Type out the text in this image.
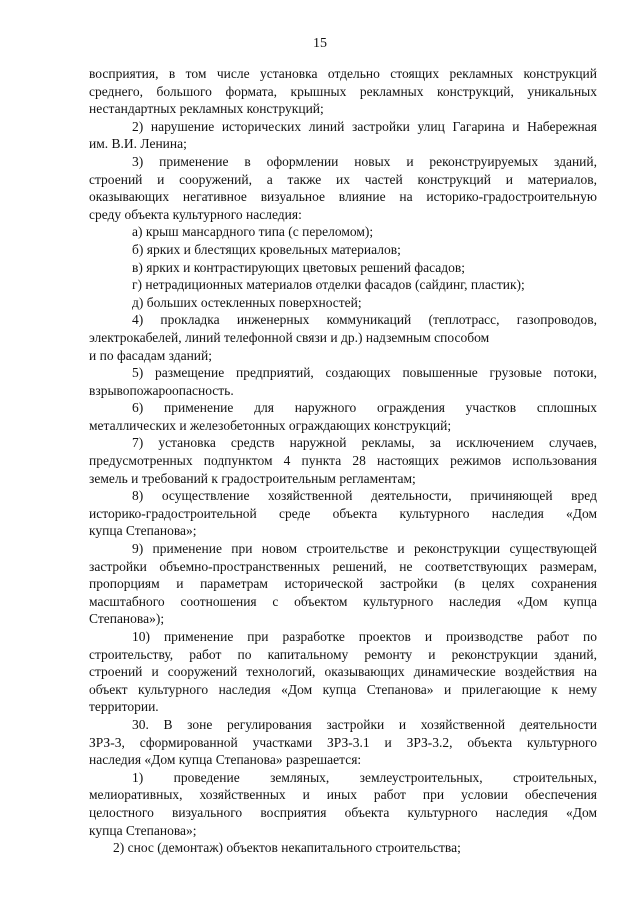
15
восприятия, в том числе установка отдельно стоящих рекламных конструкций
среднего, большого формата, крышных рекламных конструкций, уникальных
нестандартных рекламных конструкций;
2) нарушение исторических линий застройки улиц Гагарина и Набережная
им. В.И. Ленина;
3) применение в оформлении новых и реконструируемых зданий,
строений и сооружений, а также их частей конструкций и материалов,
оказывающих негативное визуальное влияние на историко-градостроительную
среду объекта культурного наследия:
а) крыш мансардного типа (с переломом);
б) ярких и блестящих кровельных материалов;
в) ярких и контрастирующих цветовых решений фасадов;
г) нетрадиционных материалов отделки фасадов (сайдинг, пластик);
д) больших остекленных поверхностей;
4) прокладка инженерных коммуникаций (теплотрасс, газопроводов,
электрокабелей, линий телефонной связи и др.) надземным способом
и по фасадам зданий;
5) размещение предприятий, создающих повышенные грузовые потоки,
взрывопожароопасность.
6) применение для наружного ограждения участков сплошных
металлических и железобетонных ограждающих конструкций;
7) установка средств наружной рекламы, за исключением случаев,
предусмотренных подпунктом 4 пункта 28 настоящих режимов использования
земель и требований к градостроительным регламентам;
8) осуществление хозяйственной деятельности, причиняющей вред
историко-градостроительной среде объекта культурного наследия «Дом
купца Степанова»;
9) применение при новом строительстве и реконструкции существующей
застройки объемно-пространственных решений, не соответствующих размерам,
пропорциям и параметрам исторической застройки (в целях сохранения
масштабного соотношения с объектом культурного наследия «Дом купца
Степанова»);
10) применение при разработке проектов и производстве работ по
строительству, работ по капитальному ремонту и реконструкции зданий,
строений и сооружений технологий, оказывающих динамические воздействия на
объект культурного наследия «Дом купца Степанова» и прилегающие к нему
территории.
30. В зоне регулирования застройки и хозяйственной деятельности
ЗРЗ-3, сформированной участками ЗРЗ-3.1 и ЗРЗ-3.2, объекта культурного
наследия «Дом купца Степанова» разрешается:
1) проведение земляных, землеустроительных, строительных,
мелиоративных, хозяйственных и иных работ при условии обеспечения
целостного визуального восприятия объекта культурного наследия «Дом
купца Степанова»;
2) снос (демонтаж) объектов некапитального строительства;
